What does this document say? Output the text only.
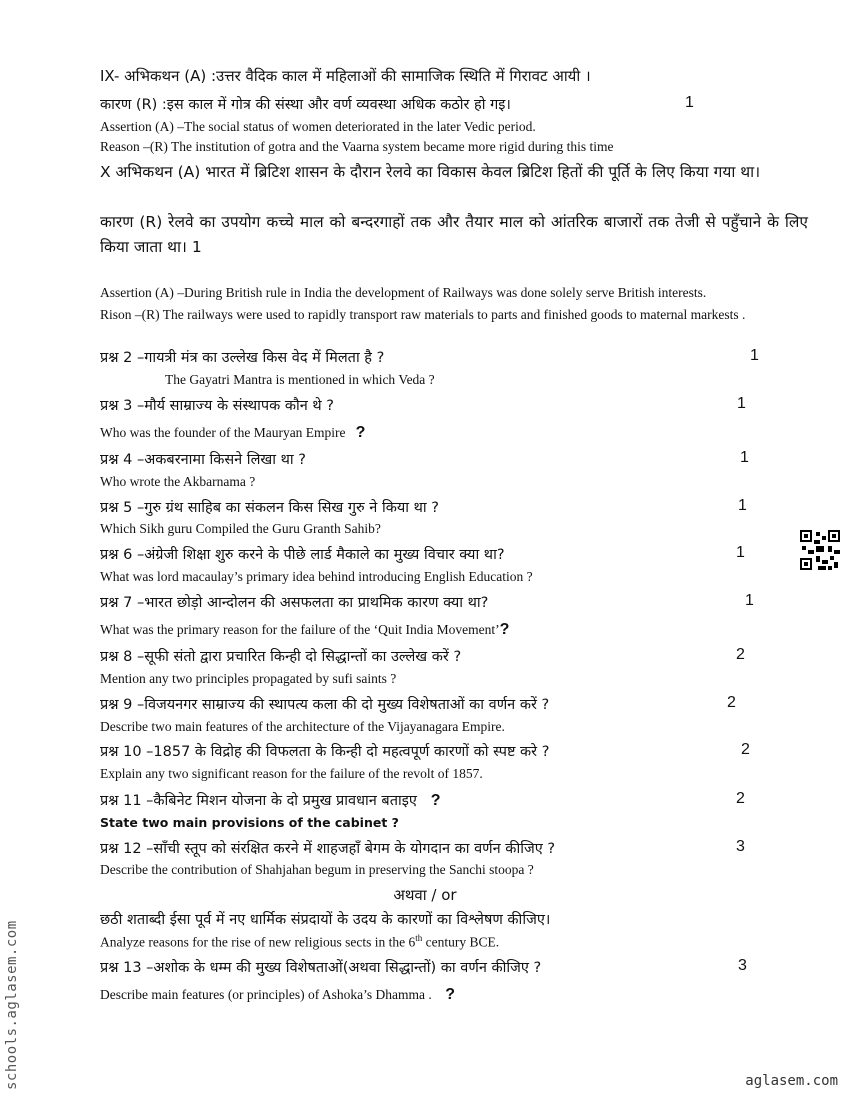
IX- अभिकथन (A) :उत्तर वैदिक काल में महिलाओं की सामाजिक स्थिति में गिरावट आयी ।
कारण (R) :इस काल में गोत्र की संस्था और वर्ण व्यवस्था अधिक कठोर हो गइ।	1
Assertion (A) –The social status of women deteriorated in the later Vedic period.
Reason –(R) The institution of gotra and the Vaarna system became more rigid during this time
X अभिकथन (A) भारत में ब्रिटिश शासन के दौरान रेलवे का विकास केवल ब्रिटिश हितों की पूर्ति के लिए किया गया था।
कारण (R) रेलवे का उपयोग कच्चे माल को बन्दरगाहों तक और तैयार माल को आंतरिक बाजारों तक तेजी से पहुँचाने के लिए किया जाता था। 1
Assertion (A) –During British rule in India the development of Railways was done solely serve British interests.
Rison –(R) The railways were used to rapidly transport raw materials to parts and finished goods to maternal markests .
प्रश्न 2 –गायत्री मंत्र का उल्लेख किस वेद में मिलता है ?	1
The Gayatri Mantra is mentioned in which Veda ?
प्रश्न 3 –मौर्य साम्राज्य के संस्थापक कौन थे ?	1
Who was the founder of the Mauryan Empire ?
प्रश्न 4 –अकबरनामा किसने लिखा था ?	1
Who wrote the Akbarnama ?
प्रश्न 5 –गुरु ग्रंथ साहिब का संकलन किस सिख गुरु ने किया था ?	1
Which Sikh guru Compiled the Guru Granth Sahib?
प्रश्न 6 –अंग्रेजी शिक्षा शुरु करने के पीछे लार्ड मैकाले का मुख्य विचार क्या था?	1
What was lord macaulay’s primary idea behind introducing English Education ?
प्रश्न 7 –भारत छोड़ो आन्दोलन की असफलता का प्राथमिक कारण क्या था?	1
What was the primary reason for the failure of the ‘Quit India Movement’?
प्रश्न 8 –सूफी संतो द्वारा प्रचारित किन्ही दो सिद्धान्तों का उल्लेख करें ?	2
Mention any two principles propagated by sufi saints ?
प्रश्न 9 –विजयनगर साम्राज्य की स्थापत्य कला की दो मुख्य विशेषताओं का वर्णन करें ?	2
Describe two main features of the architecture of the Vijayanagara Empire.
प्रश्न 10 –1857 के विद्रोह की विफलता के किन्ही दो महत्वपूर्ण कारणों को स्पष्ट करे ?	2
Explain any two significant reason for the failure of the revolt of 1857.
प्रश्न 11 –कैबिनेट मिशन योजना के दो प्रमुख प्रावधान बताइए ?	2
State two main provisions of the cabinet ?
प्रश्न 12 –साँची स्तूप को संरक्षित करने में शाहजहाँ बेगम के योगदान का वर्णन कीजिए ?	3
Describe the contribution of Shahjahan begum in preserving the Sanchi stoopa ?
अथवा / or
छठी शताब्दी ईसा पूर्व में नए धार्मिक संप्रदायों के उदय के कारणों का विश्लेषण कीजिए।
Analyze reasons for the rise of new religious sects in the 6th century BCE.
प्रश्न 13 –अशोक के धम्म की मुख्य विशेषताओं(अथवा सिद्धान्तों) का वर्णन कीजिए ?	3
Describe main features (or principles) of Ashoka’s Dhamma . ?
schools.aglasem.com	aglasem.com
